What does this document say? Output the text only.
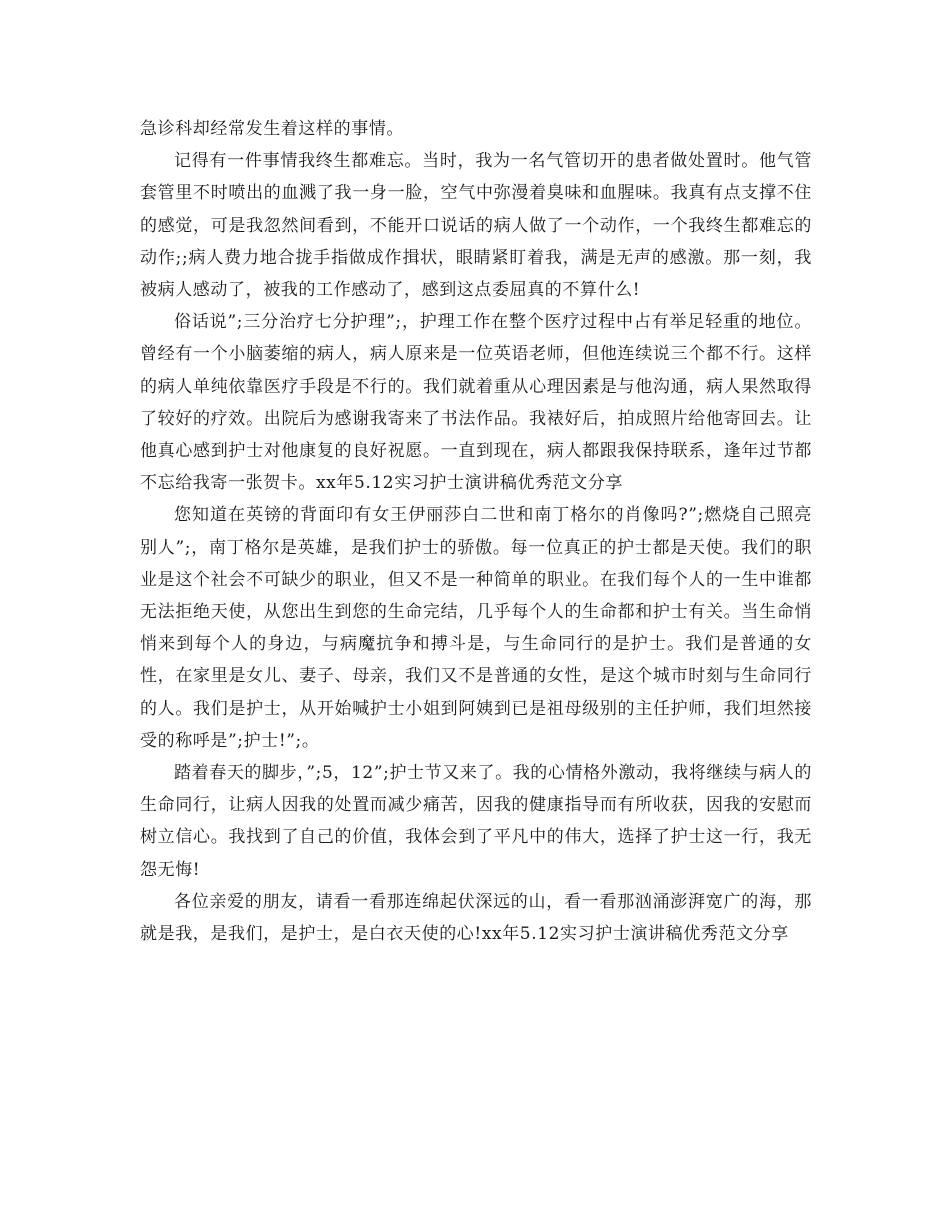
急诊科却经常发生着这样的事情。

记得有一件事情我终生都难忘。当时，我为一名气管切开的患者做处置时。他气管套管里不时喷出的血溅了我一身一脸，空气中弥漫着臭味和血腥味。我真有点支撑不住的感觉，可是我忽然间看到，不能开口说话的病人做了一个动作，一个我终生都难忘的动作;;病人费力地合拢手指做成作揖状，眼睛紧盯着我，满是无声的感激。那一刻，我被病人感动了，被我的工作感动了，感到这点委屈真的不算什么!

俗话说”;三分治疗七分护理”;，护理工作在整个医疗过程中占有举足轻重的地位。曾经有一个小脑萎缩的病人，病人原来是一位英语老师，但他连续说三个都不行。这样的病人单纯依靠医疗手段是不行的。我们就着重从心理因素是与他沟通，病人果然取得了较好的疗效。出院后为感谢我寄来了书法作品。我裱好后，拍成照片给他寄回去。让他真心感到护士对他康复的良好祝愿。一直到现在，病人都跟我保持联系，逢年过节都不忘给我寄一张贺卡。xx年5.12实习护士演讲稿优秀范文分享

您知道在英镑的背面印有女王伊丽莎白二世和南丁格尔的肖像吗?”;燃烧自己照亮别人”;，南丁格尔是英雄，是我们护士的骄傲。每一位真正的护士都是天使。我们的职业是这个社会不可缺少的职业，但又不是一种简单的职业。在我们每个人的一生中谁都无法拒绝天使，从您出生到您的生命完结，几乎每个人的生命都和护士有关。当生命悄悄来到每个人的身边，与病魔抗争和搏斗是，与生命同行的是护士。我们是普通的女性，在家里是女儿、妻子、母亲，我们又不是普通的女性，是这个城市时刻与生命同行的人。我们是护士，从开始喊护士小姐到阿姨到已是祖母级别的主任护师，我们坦然接受的称呼是”;护士!”;。

踏着春天的脚步，”;5，12”;护士节又来了。我的心情格外激动，我将继续与病人的生命同行，让病人因我的处置而减少痛苦，因我的健康指导而有所收获，因我的安慰而树立信心。我找到了自己的价值，我体会到了平凡中的伟大，选择了护士这一行，我无怨无悔!

各位亲爱的朋友，请看一看那连绵起伏深远的山，看一看那汹涌澎湃宽广的海，那就是我，是我们，是护士，是白衣天使的心!xx年5.12实习护士演讲稿优秀范文分享
